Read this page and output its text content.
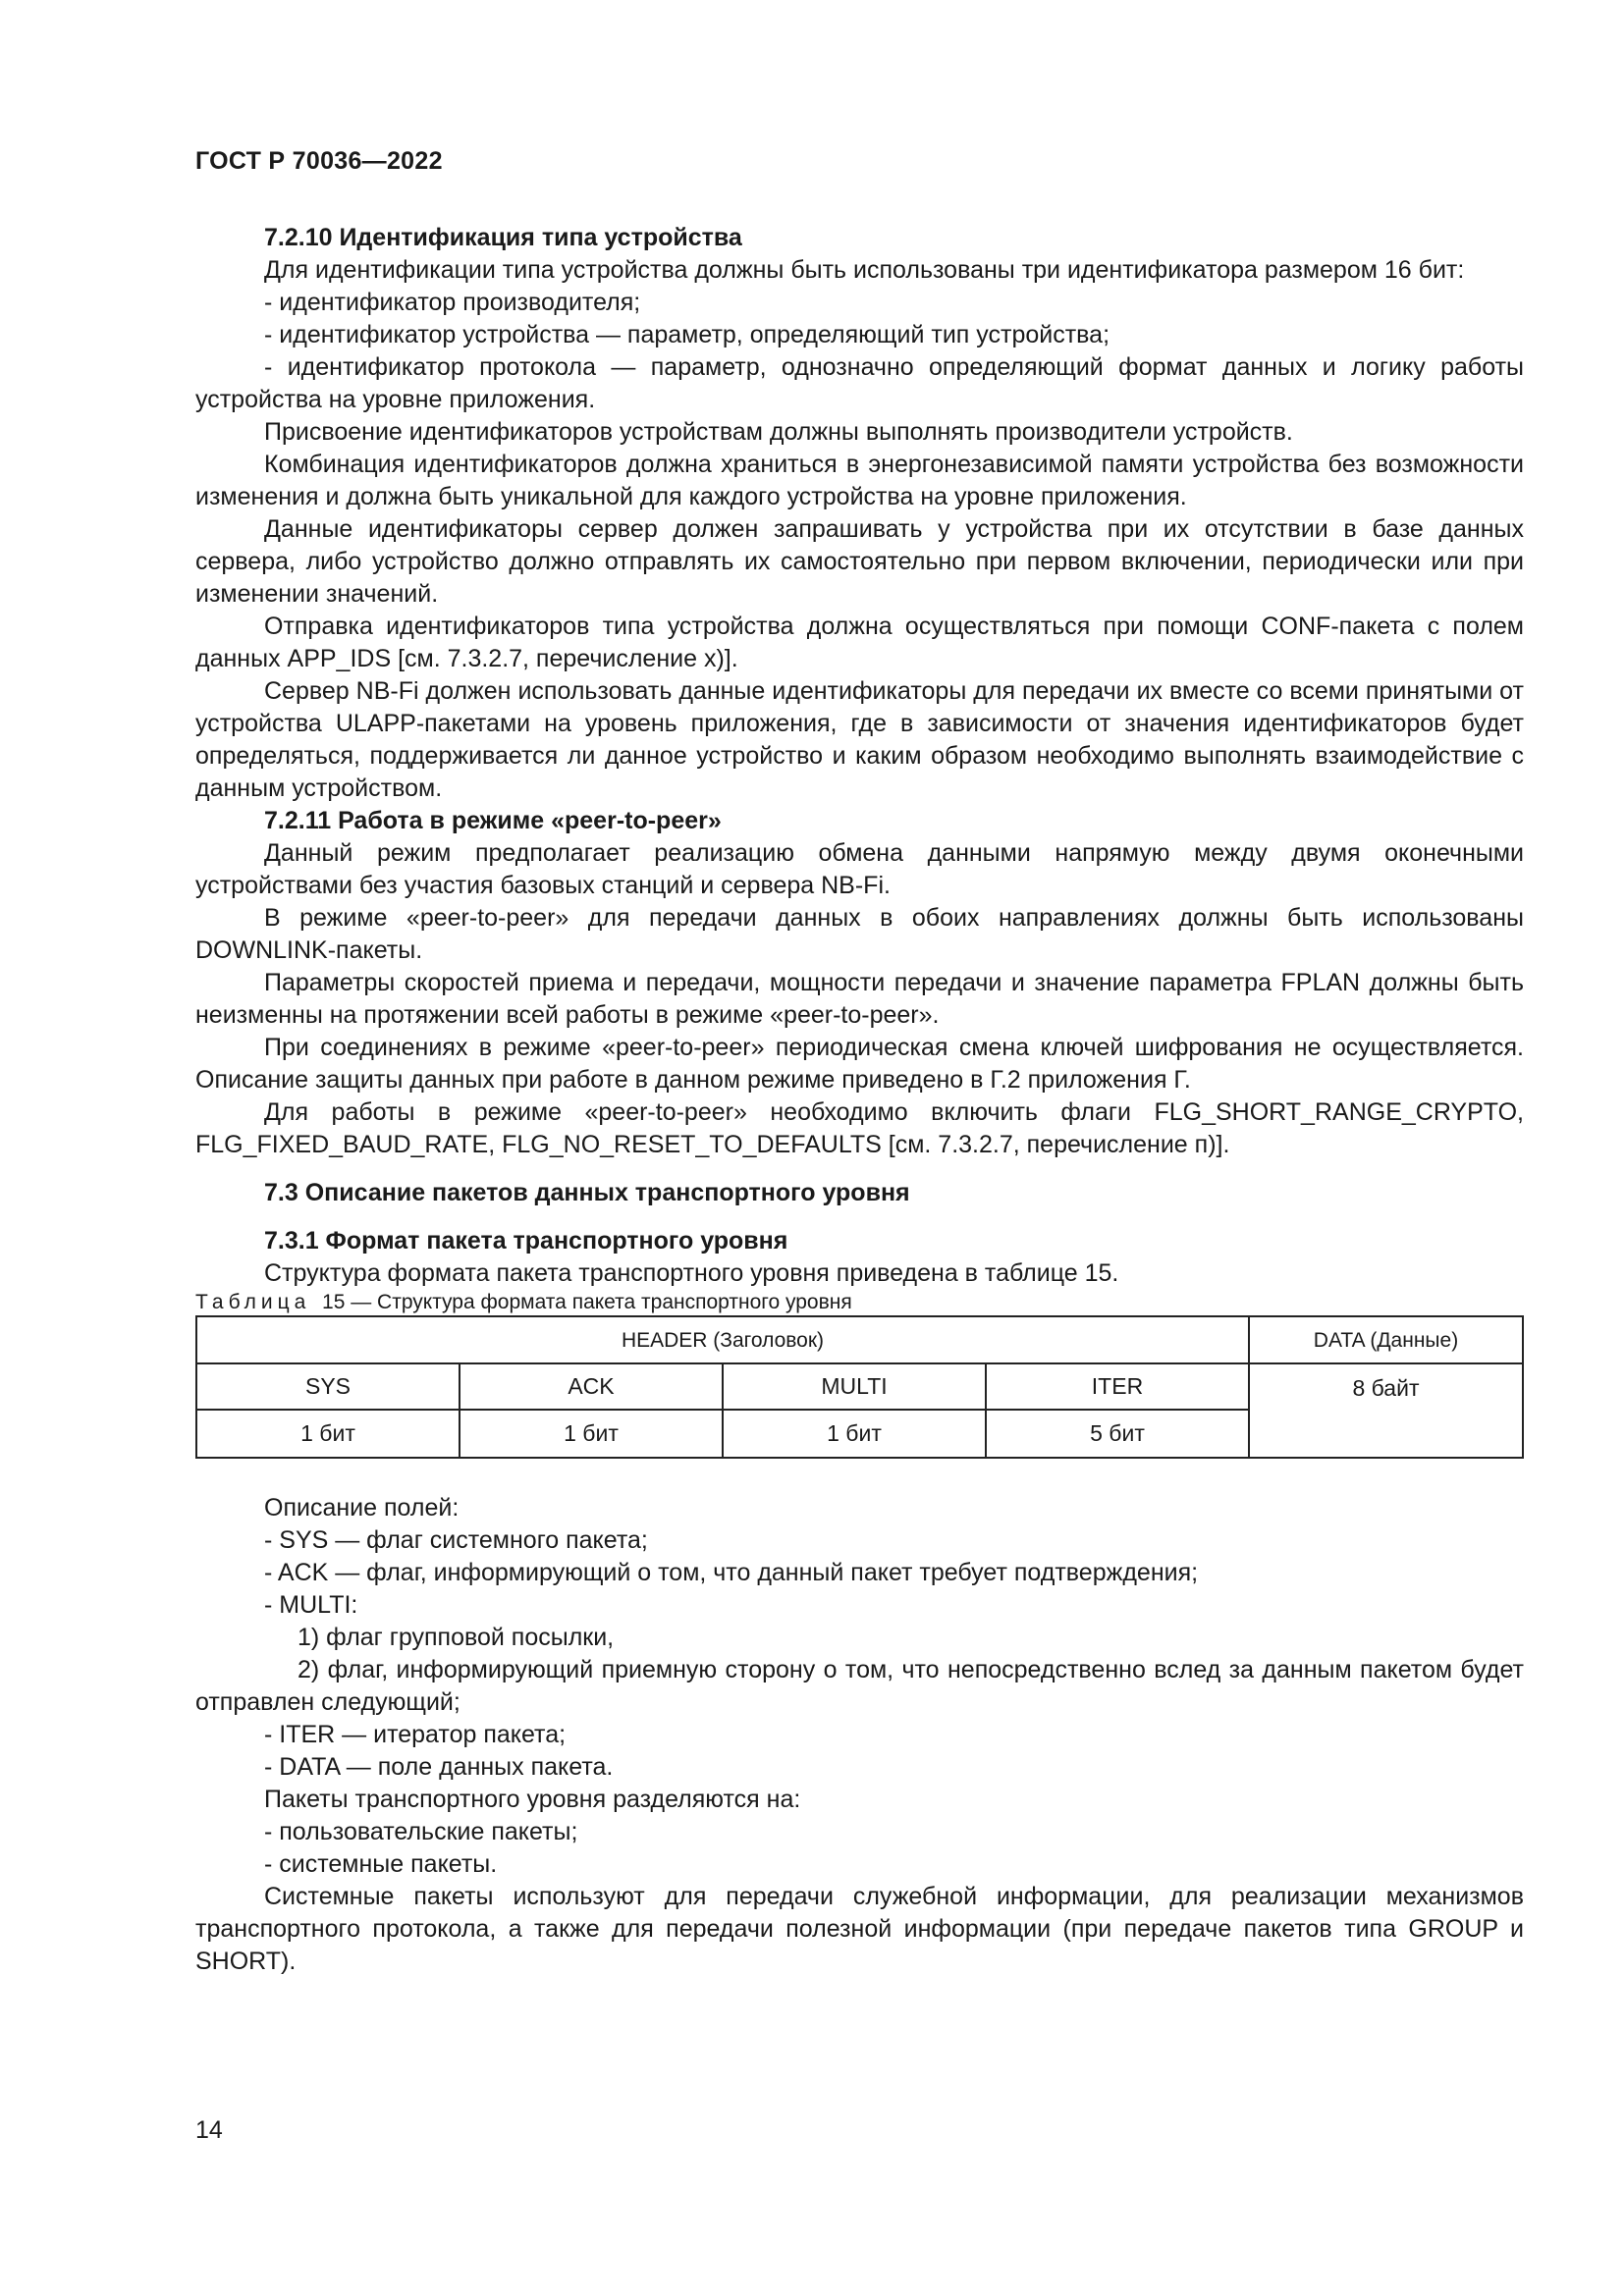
ГОСТ Р 70036—2022

7.2.10 Идентификация типа устройства

Для идентификации типа устройства должны быть использованы три идентификатора размером 16 бит:

- идентификатор производителя;

- идентификатор устройства — параметр, определяющий тип устройства;

- идентификатор протокола — параметр, однозначно определяющий формат данных и логику работы устройства на уровне приложения.

Присвоение идентификаторов устройствам должны выполнять производители устройств.

Комбинация идентификаторов должна храниться в энергонезависимой памяти устройства без возможности изменения и должна быть уникальной для каждого устройства на уровне приложения.

Данные идентификаторы сервер должен запрашивать у устройства при их отсутствии в базе данных сервера, либо устройство должно отправлять их самостоятельно при первом включении, периодически или при изменении значений.

Отправка идентификаторов типа устройства должна осуществляться при помощи CONF-пакета с полем данных APP_IDS [см. 7.3.2.7, перечисление x)].

Сервер NB-Fi должен использовать данные идентификаторы для передачи их вместе со всеми принятыми от устройства ULAPP-пакетами на уровень приложения, где в зависимости от значения идентификаторов будет определяться, поддерживается ли данное устройство и каким образом необходимо выполнять взаимодействие с данным устройством.

7.2.11 Работа в режиме «peer-to-peer»

Данный режим предполагает реализацию обмена данными напрямую между двумя оконечными устройствами без участия базовых станций и сервера NB-Fi.

В режиме «peer-to-peer» для передачи данных в обоих направлениях должны быть использованы DOWNLINK-пакеты.

Параметры скоростей приема и передачи, мощности передачи и значение параметра FPLAN должны быть неизменны на протяжении всей работы в режиме «peer-to-peer».

При соединениях в режиме «peer-to-peer» периодическая смена ключей шифрования не осуществляется. Описание защиты данных при работе в данном режиме приведено в Г.2 приложения Г.

Для работы в режиме «peer-to-peer» необходимо включить флаги FLG_SHORT_RANGE_CRYPTO, FLG_FIXED_BAUD_RATE, FLG_NO_RESET_TO_DEFAULTS [см. 7.3.2.7, перечисление п)].

7.3 Описание пакетов данных транспортного уровня

7.3.1 Формат пакета транспортного уровня

Структура формата пакета транспортного уровня приведена в таблице 15.

Таблица 15 — Структура формата пакета транспортного уровня

HEADER (Заголовок)				DATA (Данные)
SYS	ACK	MULTI	ITER	8 байт
1 бит	1 бит	1 бит	5 бит	

Описание полей:

- SYS — флаг системного пакета;

- ACK — флаг, информирующий о том, что данный пакет требует подтверждения;

- MULTI:

1) флаг групповой посылки,

2) флаг, информирующий приемную сторону о том, что непосредственно вслед за данным пакетом будет отправлен следующий;

- ITER — итератор пакета;

- DATA — поле данных пакета.

Пакеты транспортного уровня разделяются на:

- пользовательские пакеты;

- системные пакеты.

Системные пакеты используют для передачи служебной информации, для реализации механизмов транспортного протокола, а также для передачи полезной информации (при передаче пакетов типа GROUP и SHORT).

14
